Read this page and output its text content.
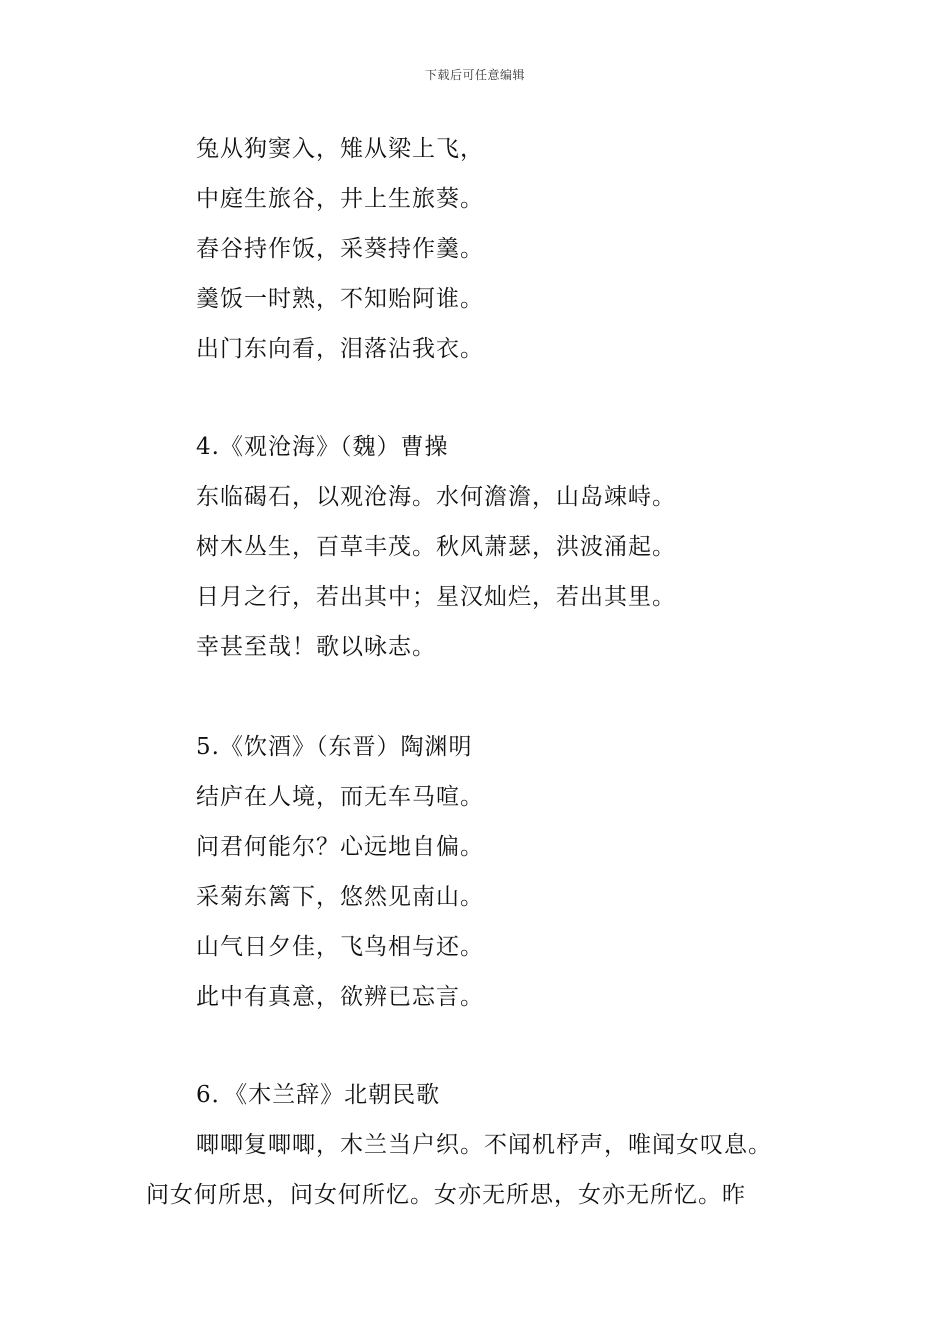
下载后可任意编辑
兔从狗窦入，雉从梁上飞，
中庭生旅谷，井上生旅葵。
舂谷持作饭，采葵持作羹。
羹饭一时熟，不知贻阿谁。
出门东向看，泪落沾我衣。
4.《观沧海》（魏）曹操
东临碣石，以观沧海。水何澹澹，山岛竦峙。
树木丛生，百草丰茂。秋风萧瑟，洪波涌起。
日月之行，若出其中；星汉灿烂，若出其里。
幸甚至哉！歌以咏志。
5.《饮酒》（东晋）陶渊明
结庐在人境，而无车马喧。
问君何能尔？心远地自偏。
采菊东篱下，悠然见南山。
山气日夕佳，飞鸟相与还。
此中有真意，欲辨已忘言。
6．《木兰辞》北朝民歌
唧唧复唧唧，木兰当户织。不闻机杼声，唯闻女叹息。
问女何所思，问女何所忆。女亦无所思，女亦无所忆。昨
